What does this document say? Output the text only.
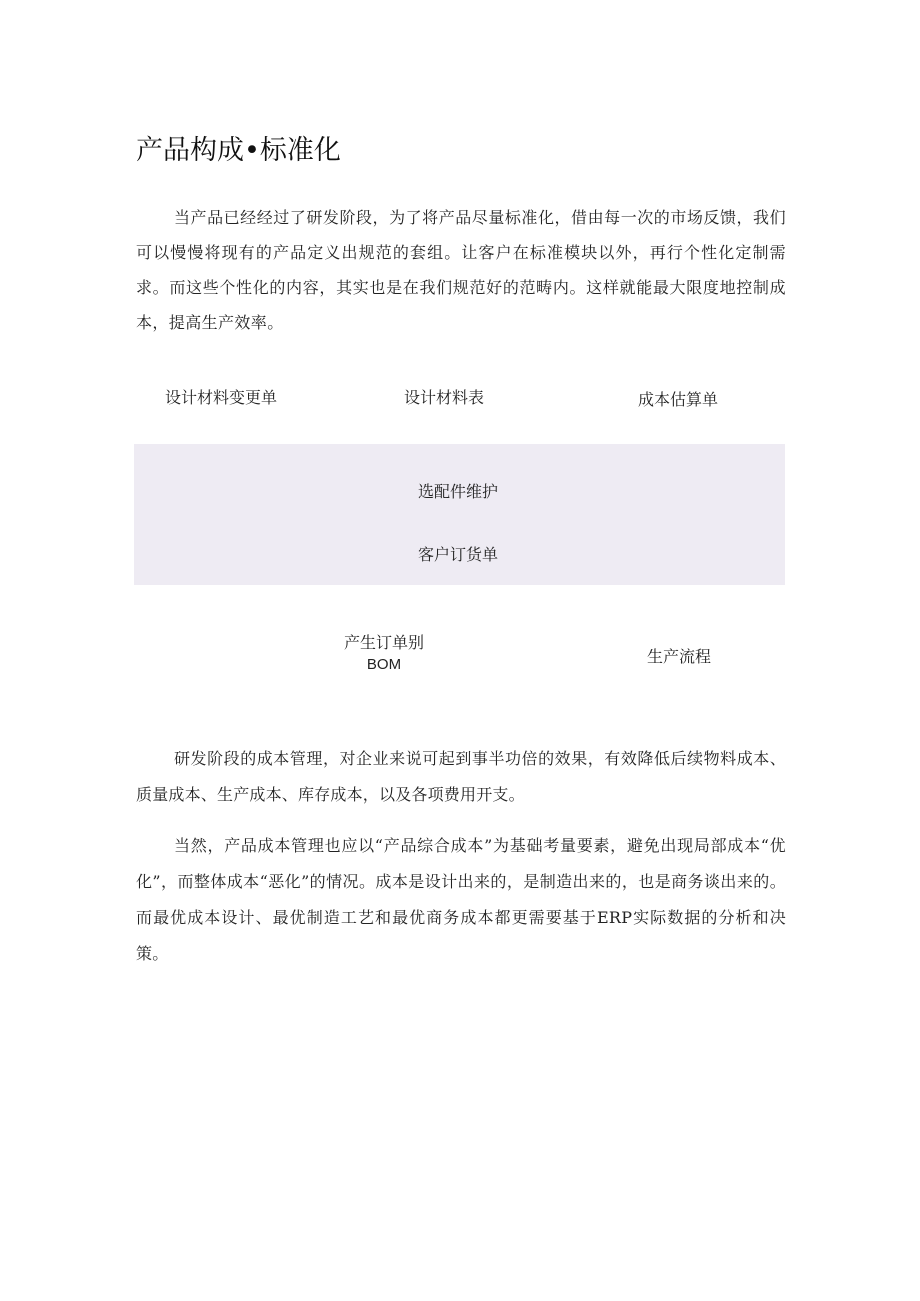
产品构成•标准化

当产品已经经过了研发阶段，为了将产品尽量标准化，借由每一次的市场反馈，我们可以慢慢将现有的产品定义出规范的套组。让客户在标准模块以外，再行个性化定制需求。而这些个性化的内容，其实也是在我们规范好的范畴内。这样就能最大限度地控制成本，提高生产效率。

设计材料变更单	设计材料表	成本估算单
选配件维护
客户订货单
产生订单别
BOM	生产流程

研发阶段的成本管理，对企业来说可起到事半功倍的效果，有效降低后续物料成本、质量成本、生产成本、库存成本，以及各项费用开支。

当然，产品成本管理也应以“产品综合成本”为基础考量要素，避免出现局部成本“优化”，而整体成本“恶化”的情况。成本是设计出来的，是制造出来的，也是商务谈出来的。而最优成本设计、最优制造工艺和最优商务成本都更需要基于ERP实际数据的分析和决策。
